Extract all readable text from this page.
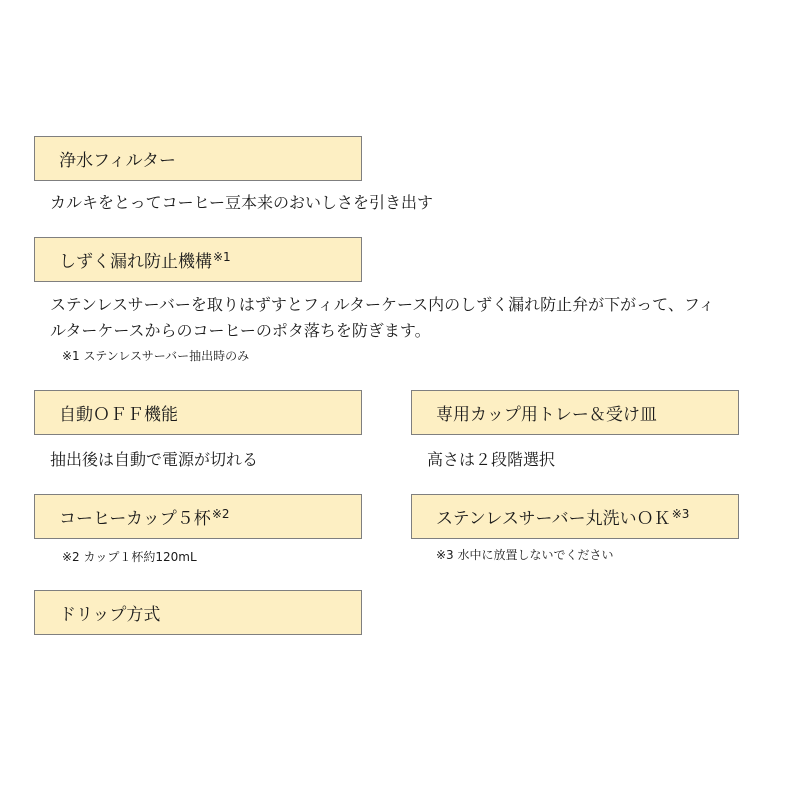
浄水フィルター
カルキをとってコーヒー豆本来のおいしさを引き出す
しずく漏れ防止機構 ※1
ステンレスサーバーを取りはずすとフィルターケース内のしずく漏れ防止弁が下がって、フィ
ルターケースからのコーヒーのポタ落ちを防ぎます。
※1 ステンレスサーバー抽出時のみ
自動ＯＦＦ機能
抽出後は自動で電源が切れる
専用カップ用トレー＆受け皿
高さは２段階選択
コーヒーカップ５杯 ※2
※2 カップ１杯約120mL
ステンレスサーバー丸洗いＯＫ ※3
※3 水中に放置しないでください
ドリップ方式
